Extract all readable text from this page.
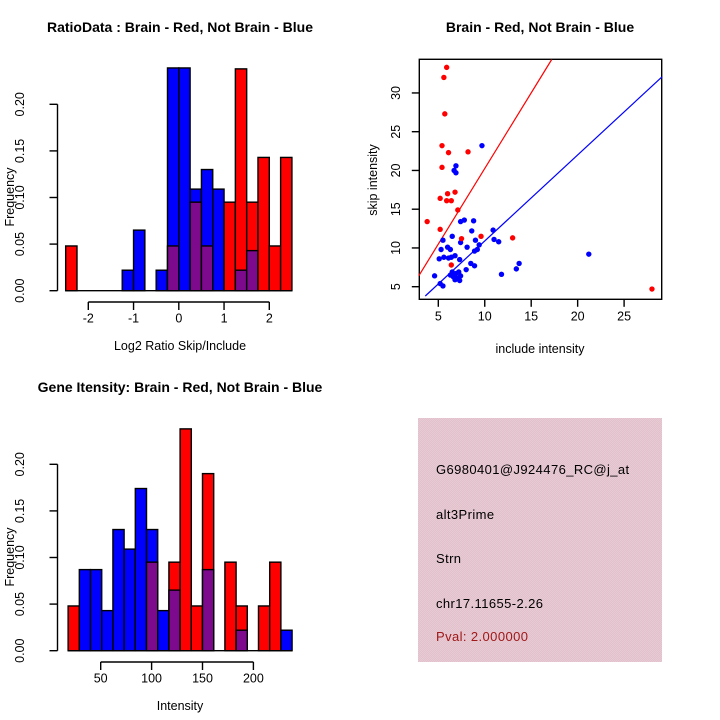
RatioData : Brain - Red, Not Brain - Blue
0.00
0.05
0.10
0.15
0.20
-2	-1	0	1	2
Log2 Ratio Skip/Include
Frequency
Brain - Red, Not Brain - Blue
5	10	15	20	25
5
10
15
20
25
30
include intensity
skip intensity
Gene Itensity: Brain - Red, Not Brain - Blue
0.00
0.05
0.10
0.15
0.20
50	100 150 200
Intensity
Frequency
G6980401@J924476_RC@j_at
alt3Prime
Strn
chr17.11655-2.26
Pval: 2.000000
